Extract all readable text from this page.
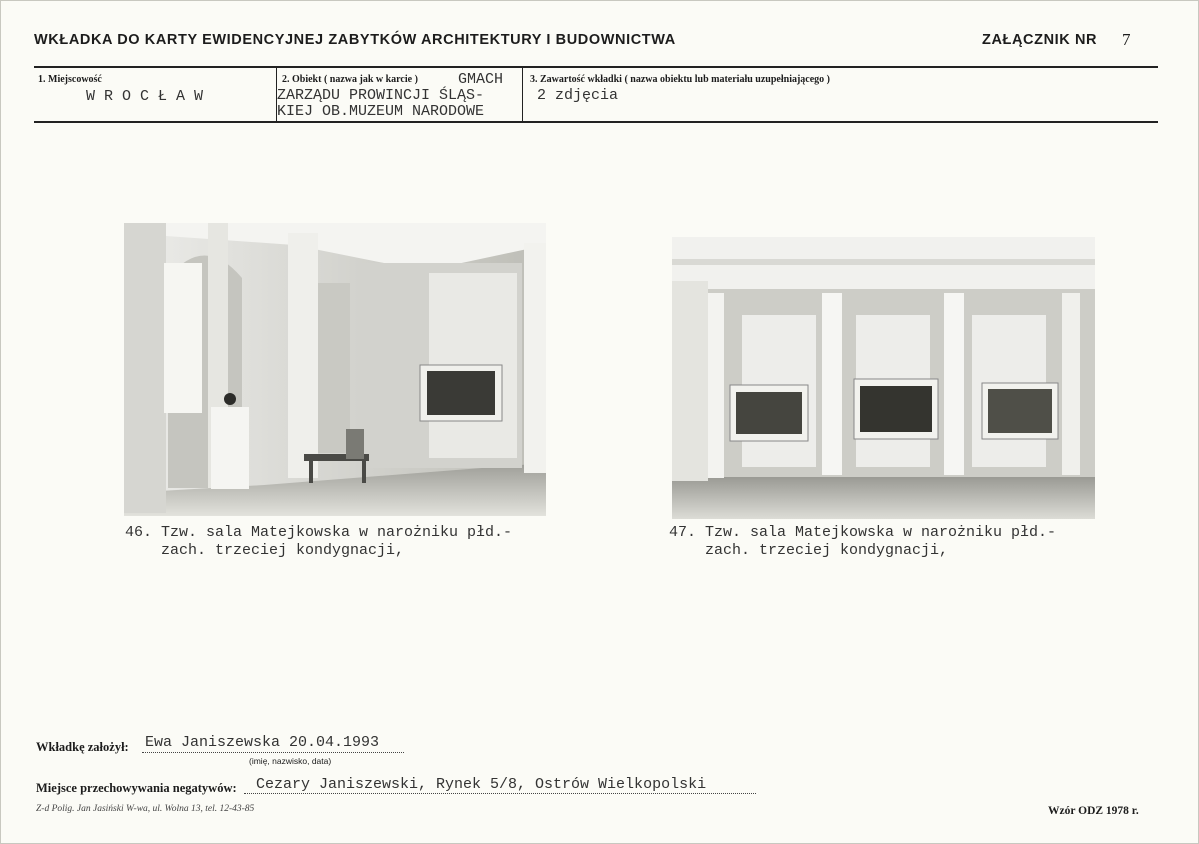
WKŁADKA DO KARTY EWIDENCYJNEJ ZABYTKÓW ARCHITEKTURY I BUDOWNICTWA	ZAŁĄCZNIK NR 7
1. Miejscowość
W R O C Ł A W
2. Obiekt ( nazwa jak w karcie )	GMACH
ZARZĄDU PROWINCJI ŚLĄS-
KIEJ OB.MUZEUM NARODOWE
3. Zawartość wkładki ( nazwa obiektu lub materiału uzupełniającego )
2 zdjęcia
46. Tzw. sala Matejkowska w narożniku płd.-
zach. trzeciej kondygnacji,
47. Tzw. sala Matejkowska w narożniku płd.-
zach. trzeciej kondygnacji,
Wkładkę założył: Ewa Janiszewska 20.04.1993
(imię, nazwisko, data)
Miejsce przechowywania negatywów: Cezary Janiszewski, Rynek 5/8, Ostrów Wielkopolski
Z-d Polig. Jan Jasiński W-wa, ul. Wolna 13, tel. 12-43-85	Wzór ODZ 1978 r.
